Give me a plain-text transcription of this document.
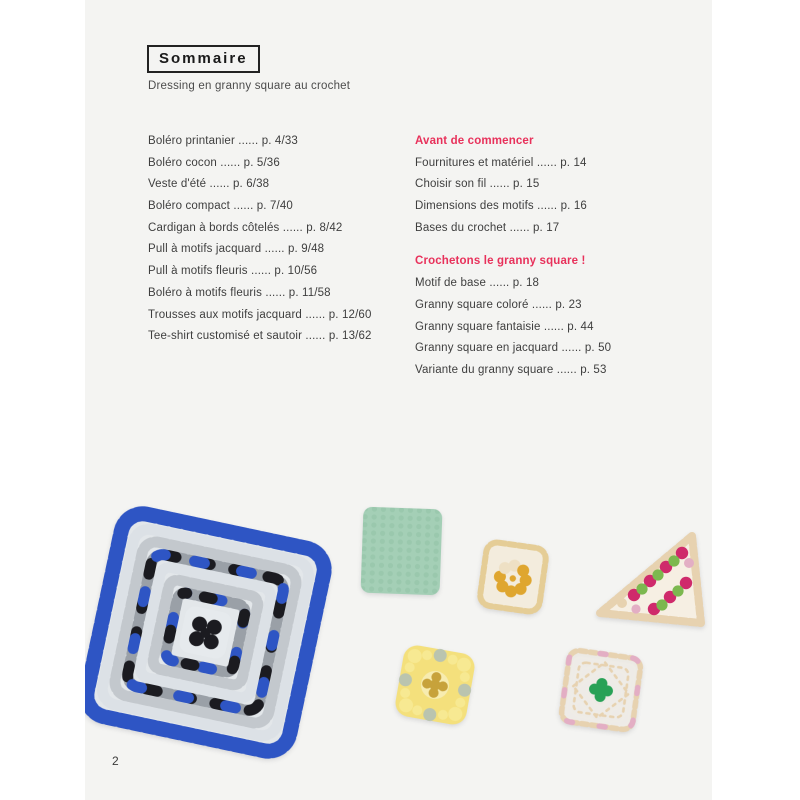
Sommaire
Dressing en granny square au crochet
Boléro printanier ...... p. 4/33
Boléro cocon ...... p. 5/36
Veste d'été ...... p. 6/38
Boléro compact ...... p. 7/40
Cardigan à bords côtelés ...... p. 8/42
Pull à motifs jacquard ...... p. 9/48
Pull à motifs fleuris ...... p. 10/56
Boléro à motifs fleuris ...... p. 11/58
Trousses aux motifs jacquard ...... p. 12/60
Tee-shirt customisé et sautoir ...... p. 13/62
Avant de commencer
Fournitures et matériel ...... p. 14
Choisir son fil ...... p. 15
Dimensions des motifs ...... p. 16
Bases du crochet ...... p. 17
Crochetons le granny square !
Motif de base ...... p. 18
Granny square coloré ...... p. 23
Granny square fantaisie ...... p. 44
Granny square en jacquard ...... p. 50
Variante du granny square ...... p. 53
2
